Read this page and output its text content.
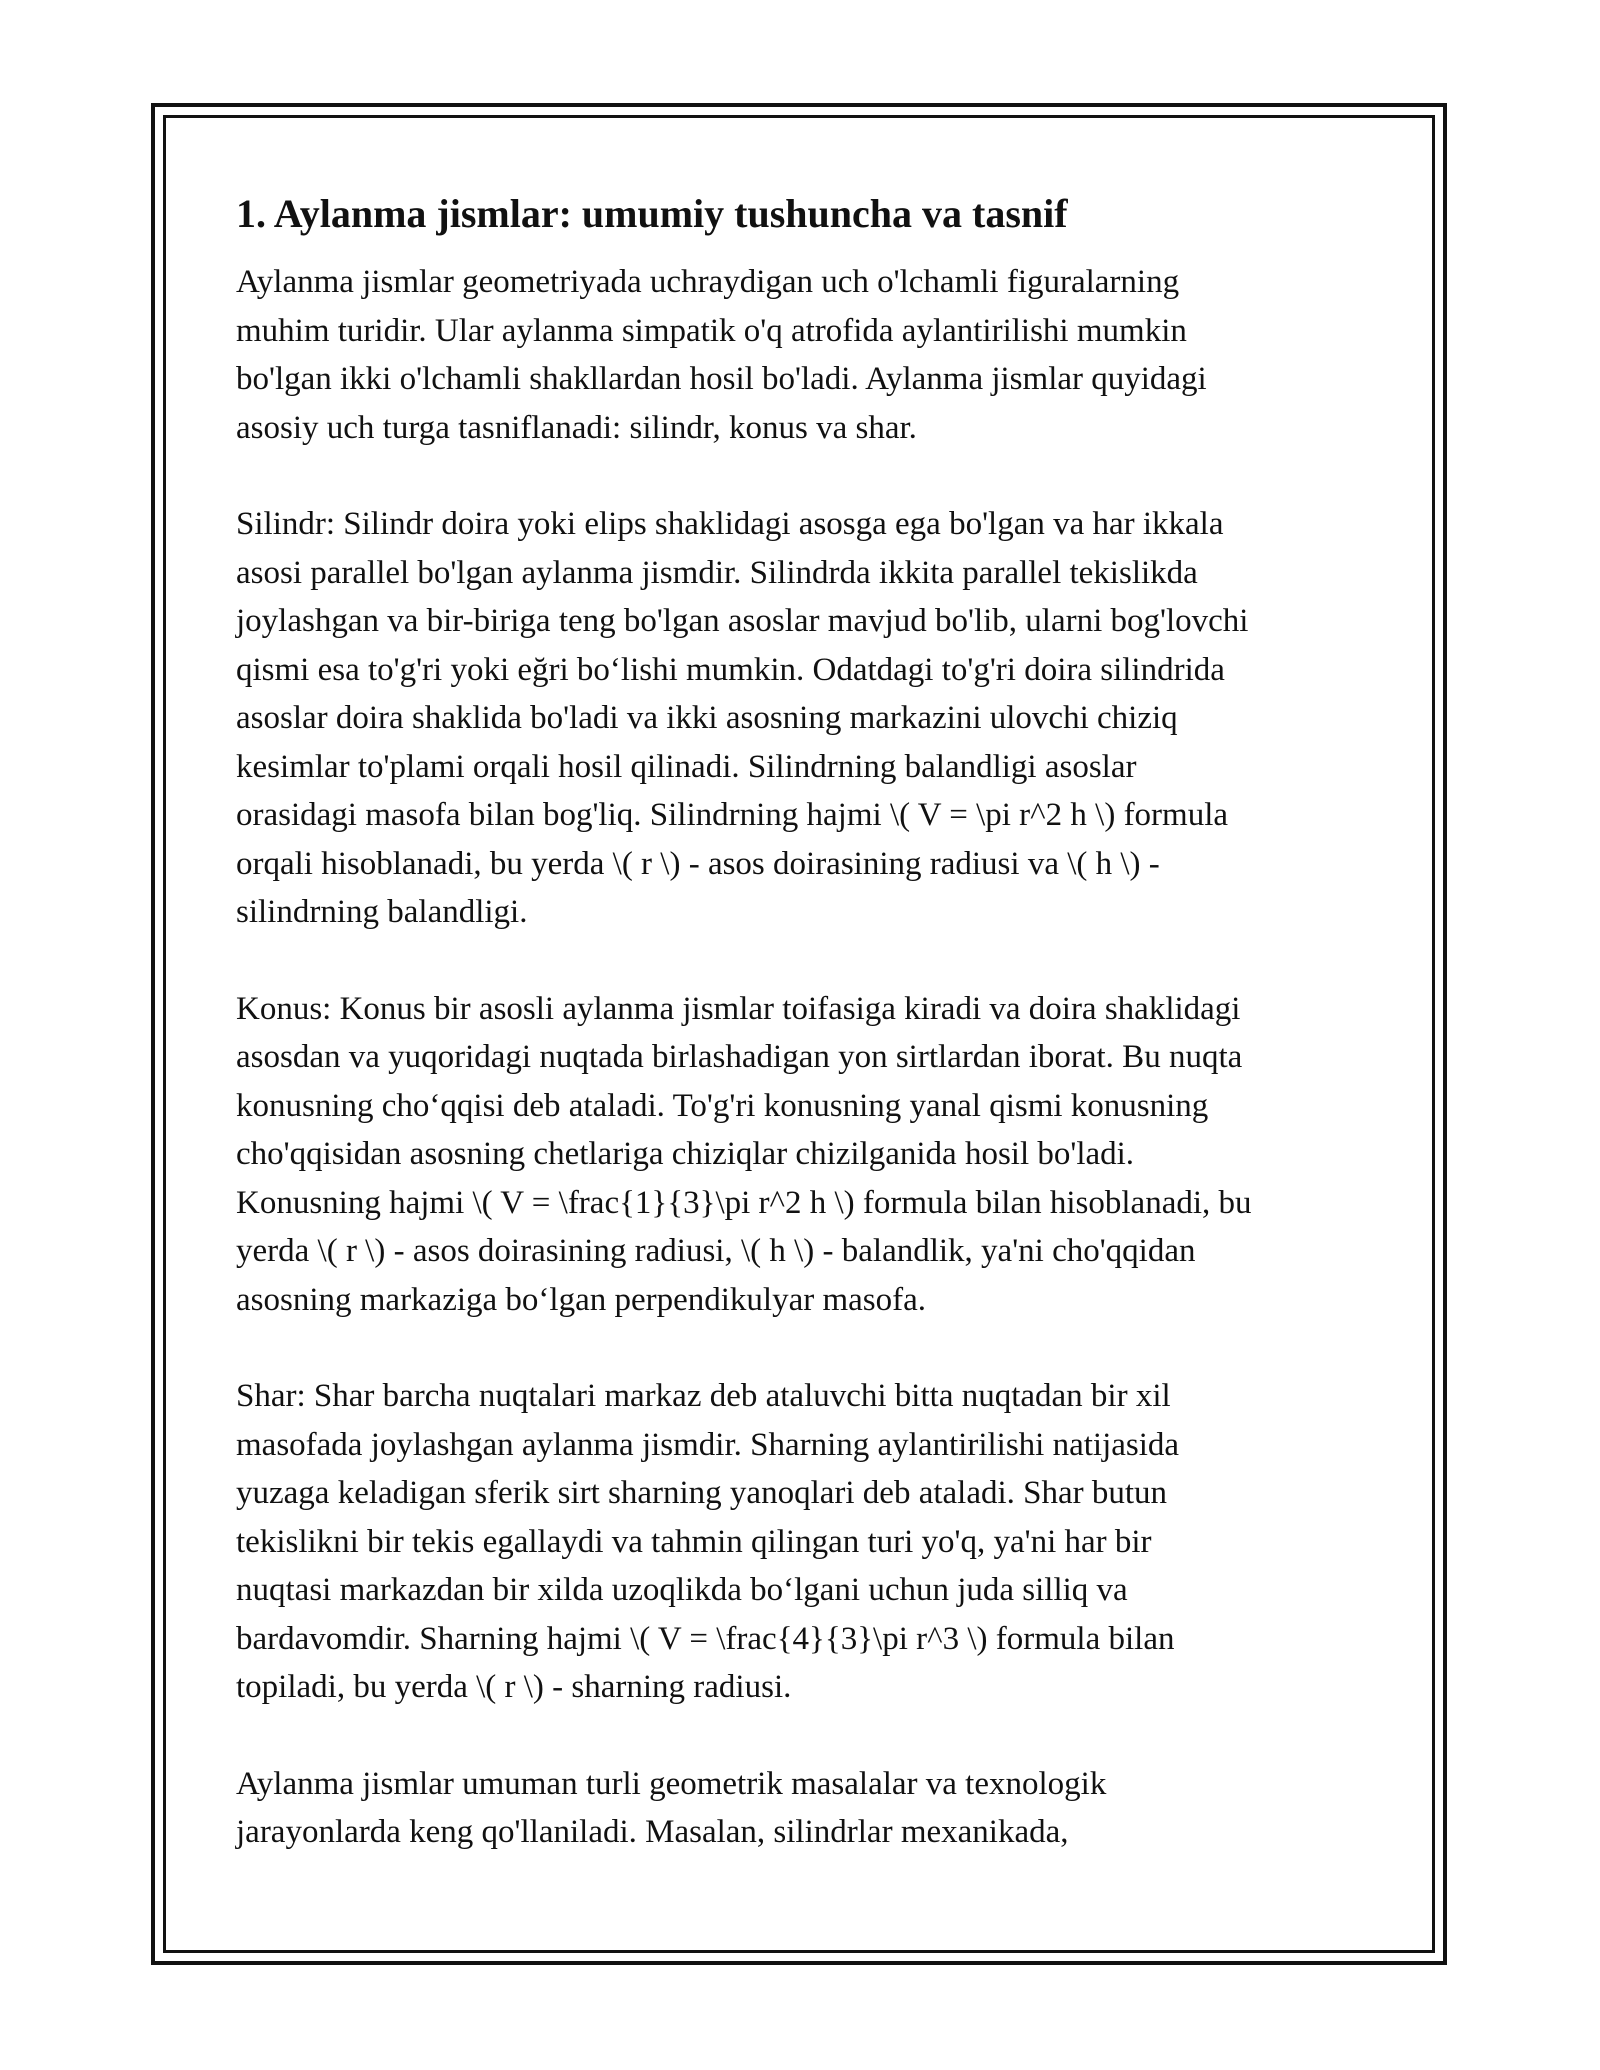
1. Aylanma jismlar: umumiy tushuncha va tasnif

Aylanma jismlar geometriyada uchraydigan uch o'lchamli figuralarning
muhim turidir. Ular aylanma simpatik o'q atrofida aylantirilishi mumkin
bo'lgan ikki o'lchamli shakllardan hosil bo'ladi. Aylanma jismlar quyidagi
asosiy uch turga tasniflanadi: silindr, konus va shar.

Silindr: Silindr doira yoki elips shaklidagi asosga ega bo'lgan va har ikkala
asosi parallel bo'lgan aylanma jismdir. Silindrda ikkita parallel tekislikda
joylashgan va bir-biriga teng bo'lgan asoslar mavjud bo'lib, ularni bog'lovchi
qismi esa to'g'ri yoki eğri bo‘lishi mumkin. Odatdagi to'g'ri doira silindrida
asoslar doira shaklida bo'ladi va ikki asosning markazini ulovchi chiziq
kesimlar to'plami orqali hosil qilinadi. Silindrning balandligi asoslar
orasidagi masofa bilan bog'liq. Silindrning hajmi \( V = \pi r^2 h \) formula
orqali hisoblanadi, bu yerda \( r \) - asos doirasining radiusi va \( h \) -
silindrning balandligi.

Konus: Konus bir asosli aylanma jismlar toifasiga kiradi va doira shaklidagi
asosdan va yuqoridagi nuqtada birlashadigan yon sirtlardan iborat. Bu nuqta
konusning cho‘qqisi deb ataladi. To'g'ri konusning yanal qismi konusning
cho'qqisidan asosning chetlariga chiziqlar chizilganida hosil bo'ladi.
Konusning hajmi \( V = \frac{1}{3}\pi r^2 h \) formula bilan hisoblanadi, bu
yerda \( r \) - asos doirasining radiusi, \( h \) - balandlik, ya'ni cho'qqidan
asosning markaziga bo‘lgan perpendikulyar masofa.

Shar: Shar barcha nuqtalari markaz deb ataluvchi bitta nuqtadan bir xil
masofada joylashgan aylanma jismdir. Sharning aylantirilishi natijasida
yuzaga keladigan sferik sirt sharning yanoqlari deb ataladi. Shar butun
tekislikni bir tekis egallaydi va tahmin qilingan turi yo'q, ya'ni har bir
nuqtasi markazdan bir xilda uzoqlikda bo‘lgani uchun juda silliq va
bardavomdir. Sharning hajmi \( V = \frac{4}{3}\pi r^3 \) formula bilan
topiladi, bu yerda \( r \) - sharning radiusi.

Aylanma jismlar umuman turli geometrik masalalar va texnologik
jarayonlarda keng qo'llaniladi. Masalan, silindrlar mexanikada,
